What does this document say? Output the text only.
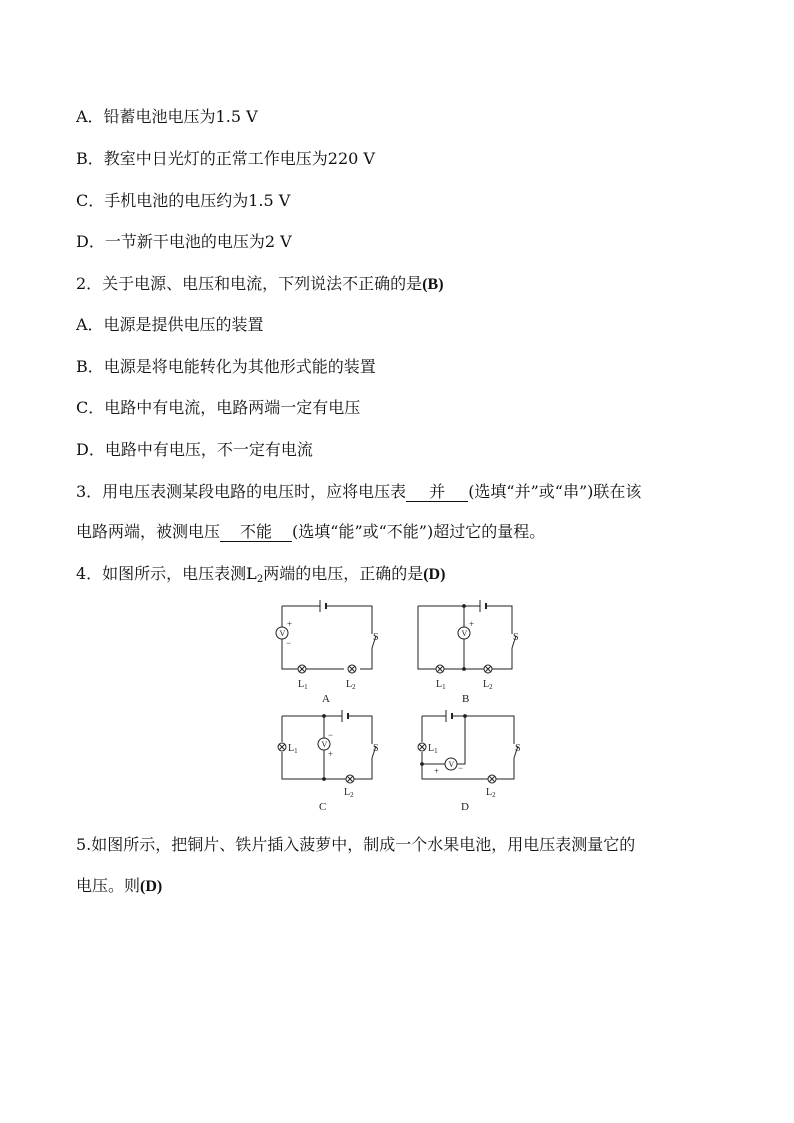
A．铅蓄电池电压为1.5 V
B．教室中日光灯的正常工作电压为220 V
C．手机电池的电压约为1.5 V
D．一节新干电池的电压为2 V
2．关于电源、电压和电流，下列说法不正确的是(B)
A．电源是提供电压的装置
B．电源是将电能转化为其他形式能的装置
C．电路中有电流，电路两端一定有电压
D．电路中有电压，不一定有电流
3．用电压表测某段电路的电压时，应将电压表 并 (选填“并”或“串”)联在该
电路两端，被测电压 不能 (选填“能”或“不能”)超过它的量程。
4．如图所示，电压表测$L_2$两端的电压，正确的是(D)
V
+
−	S
$L_1$	$L_2$
A
V
+
S
$L_1$	$L_2$
B
V
−
+	S
$L_1$
$L_2$
C
V
+ −
S
$L_1$
$L_2$
D
5.如图所示，把铜片、铁片插入菠萝中，制成一个水果电池，用电压表测量它的
电压。则(D)
